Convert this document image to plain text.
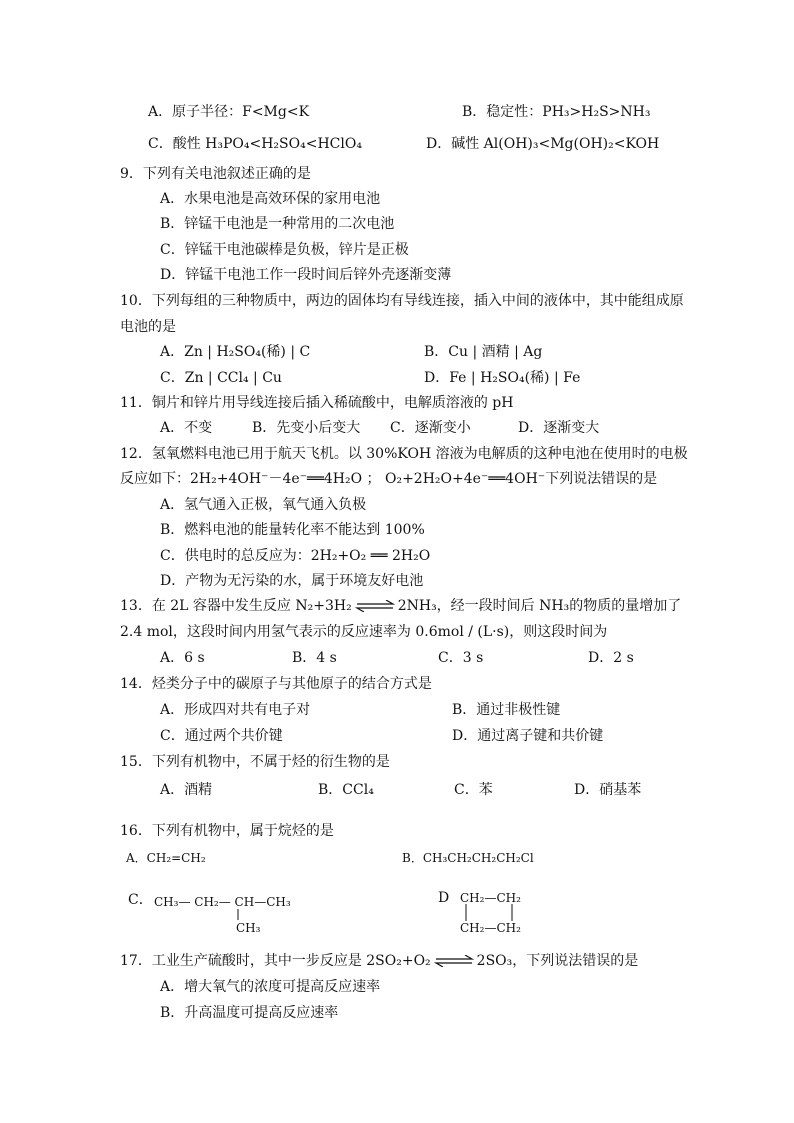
A．原子半径：F<Mg<K	B．稳定性：PH₃>H₂S>NH₃
C．酸性 H₃PO₄<H₂SO₄<HClO₄	D．碱性 Al(OH)₃<Mg(OH)₂<KOH
9．下列有关电池叙述正确的是
A．水果电池是高效环保的家用电池
B．锌锰干电池是一种常用的二次电池
C．锌锰干电池碳棒是负极，锌片是正极
D．锌锰干电池工作一段时间后锌外壳逐渐变薄
10．下列每组的三种物质中，两边的固体均有导线连接，插入中间的液体中，其中能组成原
电池的是
A．Zn | H₂SO₄(稀) | C	B．Cu | 酒精 | Ag
C．Zn | CCl₄ | Cu	D．Fe | H₂SO₄(稀) | Fe
11．铜片和锌片用导线连接后插入稀硫酸中，电解质溶液的 pH
A．不变	B．先变小后变大 C．逐渐变小	D．逐渐变大
12．氢氧燃料电池已用于航天飞机。以 30%KOH 溶液为电解质的这种电池在使用时的电极
反应如下：2H₂+4OH⁻－4e⁻══4H₂O ； O₂+2H₂O+4e⁻══4OH⁻下列说法错误的是
A．氢气通入正极，氧气通入负极
B．燃料电池的能量转化率不能达到 100%
C．供电时的总反应为：2H₂+O₂ ══ 2H₂O
D．产物为无污染的水，属于环境友好电池
13．在 2L 容器中发生反应 N₂+3H₂ ⇌ 2NH₃，经一段时间后 NH₃的物质的量增加了
2.4 mol，这段时间内用氢气表示的反应速率为 0.6mol / (L·s)，则这段时间为
A．6 s	B．4 s	C．3 s	D．2 s
14．烃类分子中的碳原子与其他原子的结合方式是
A．形成四对共有电子对	B．通过非极性键
C．通过两个共价键	D．通过离子键和共价键
15．下列有机物中，不属于烃的衍生物的是
A．酒精	B．CCl₄	C．苯	D．硝基苯
16．下列有机物中，属于烷烃的是
A．CH₂=CH₂	B．CH₃CH₂CH₂CH₂Cl
C． CH₃— CH₂— CH—CH₃
CH₃
D CH₂—CH₂
CH₂—CH₂
17．工业生产硫酸时，其中一步反应是 2SO₂+O₂ ⇌ 2SO₃，下列说法错误的是
A．增大氧气的浓度可提高反应速率
B．升高温度可提高反应速率
